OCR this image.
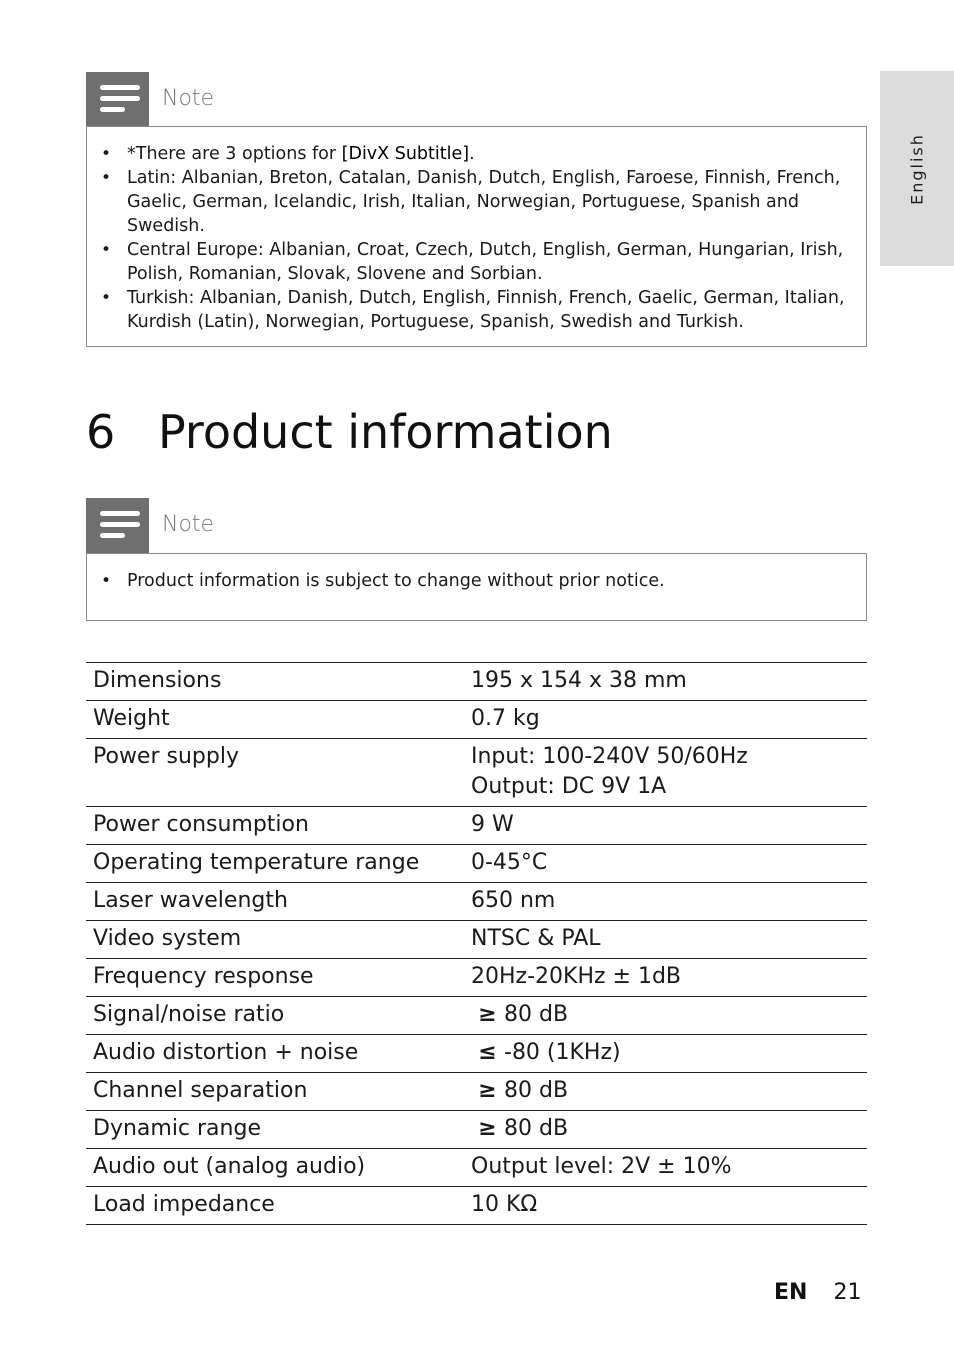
English
Note
• *There are 3 options for [DivX Subtitle].
• Latin: Albanian, Breton, Catalan, Danish, Dutch, English, Faroese, Finnish, French, Gaelic, German, Icelandic, Irish, Italian, Norwegian, Portuguese, Spanish and Swedish.
• Central Europe: Albanian, Croat, Czech, Dutch, English, German, Hungarian, Irish, Polish, Romanian, Slovak, Slovene and Sorbian.
• Turkish: Albanian, Danish, Dutch, English, Finnish, French, Gaelic, German, Italian, Kurdish (Latin), Norwegian, Portuguese, Spanish, Swedish and Turkish.
6 Product information
Note
• Product information is subject to change without prior notice.
Dimensions	195 x 154 x 38 mm
Weight	0.7 kg
Power supply	Input: 100-240V 50/60Hz
Output: DC 9V 1A

Power consumption	9 W
Operating temperature range	0-45°C
Laser wavelength	650 nm
Video system	NTSC & PAL
Frequency response	20Hz-20KHz ± 1dB
Signal/noise ratio	≥ 80 dB
Audio distortion + noise	≤ -80 (1KHz)
Channel separation	≥ 80 dB
Dynamic range	≥ 80 dB
Audio out (analog audio)	Output level: 2V ± 10%
Load impedance	10 KΩ
EN 21
